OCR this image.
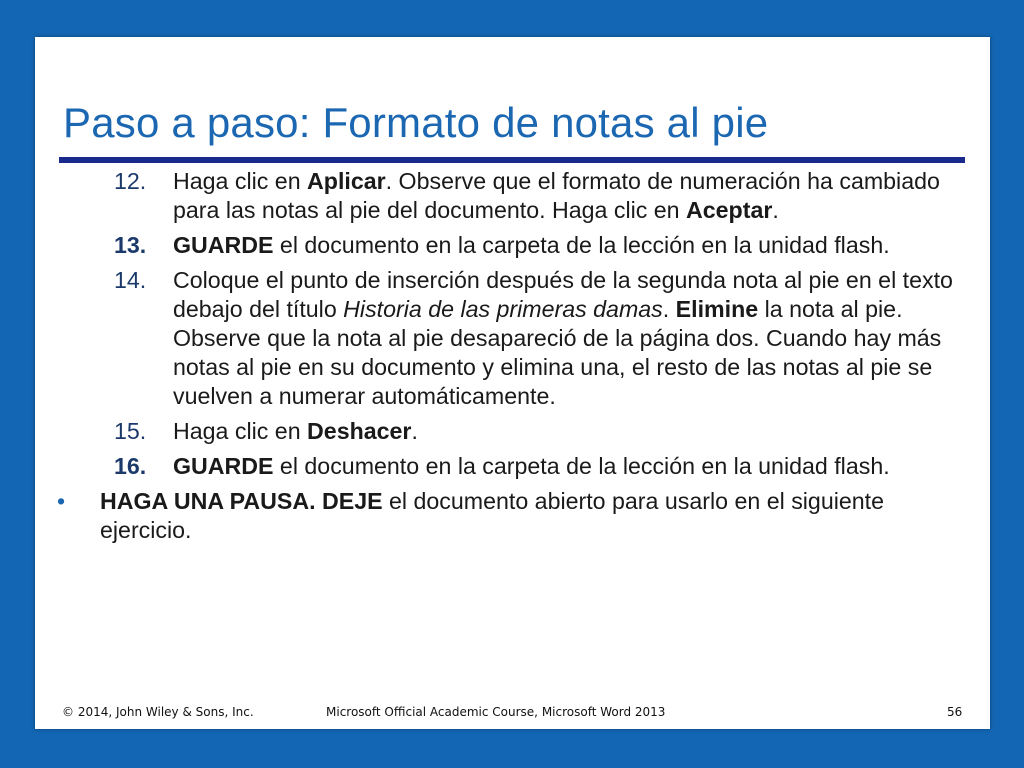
Paso a paso: Formato de notas al pie
12. Haga clic en Aplicar. Observe que el formato de numeración ha cambiado para las notas al pie del documento. Haga clic en Aceptar.
13. GUARDE el documento en la carpeta de la lección en la unidad flash.
14. Coloque el punto de inserción después de la segunda nota al pie en el texto debajo del título Historia de las primeras damas. Elimine la nota al pie. Observe que la nota al pie desapareció de la página dos. Cuando hay más notas al pie en su documento y elimina una, el resto de las notas al pie se vuelven a numerar automáticamente.
15. Haga clic en Deshacer.
16. GUARDE el documento en la carpeta de la lección en la unidad flash.
• HAGA UNA PAUSA. DEJE el documento abierto para usarlo en el siguiente ejercicio.
© 2014, John Wiley & Sons, Inc.	Microsoft Official Academic Course, Microsoft Word 2013	56
